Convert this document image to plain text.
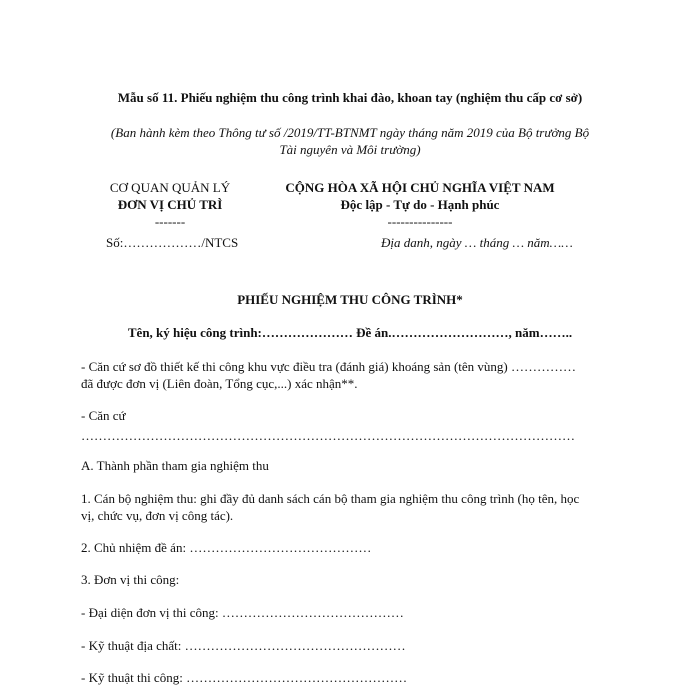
Mẫu số 11. Phiếu nghiệm thu công trình khai đào, khoan tay (nghiệm thu cấp cơ sở)
(Ban hành kèm theo Thông tư số /2019/TT-BTNMT ngày tháng năm 2019 của Bộ trưởng Bộ
Tài nguyên và Môi trường)
CƠ QUAN QUẢN LÝ
ĐƠN VỊ CHỦ TRÌ
-------
Số:………………/NTCS
CỘNG HÒA XÃ HỘI CHỦ NGHĨA VIỆT NAM
Độc lập - Tự do - Hạnh phúc
---------------
Địa danh, ngày … tháng … năm……
PHIẾU NGHIỆM THU CÔNG TRÌNH*
Tên, ký hiệu công trình:………………… Đề án.………………………, năm……..
- Căn cứ sơ đồ thiết kế thi công khu vực điều tra (đánh giá) khoáng sản (tên vùng) ……………
đã được đơn vị (Liên đoàn, Tổng cục,...) xác nhận**.
- Căn cứ
……………………………………………………………………………………………………
A. Thành phần tham gia nghiệm thu
1. Cán bộ nghiệm thu: ghi đầy đủ danh sách cán bộ tham gia nghiệm thu công trình (họ tên, học
vị, chức vụ, đơn vị công tác).
2. Chủ nhiệm đề án: ……………………………………
3. Đơn vị thi công:
- Đại diện đơn vị thi công: ……………………………………
- Kỹ thuật địa chất: ……………………………………………
- Kỹ thuật thi công: ……………………………………………
